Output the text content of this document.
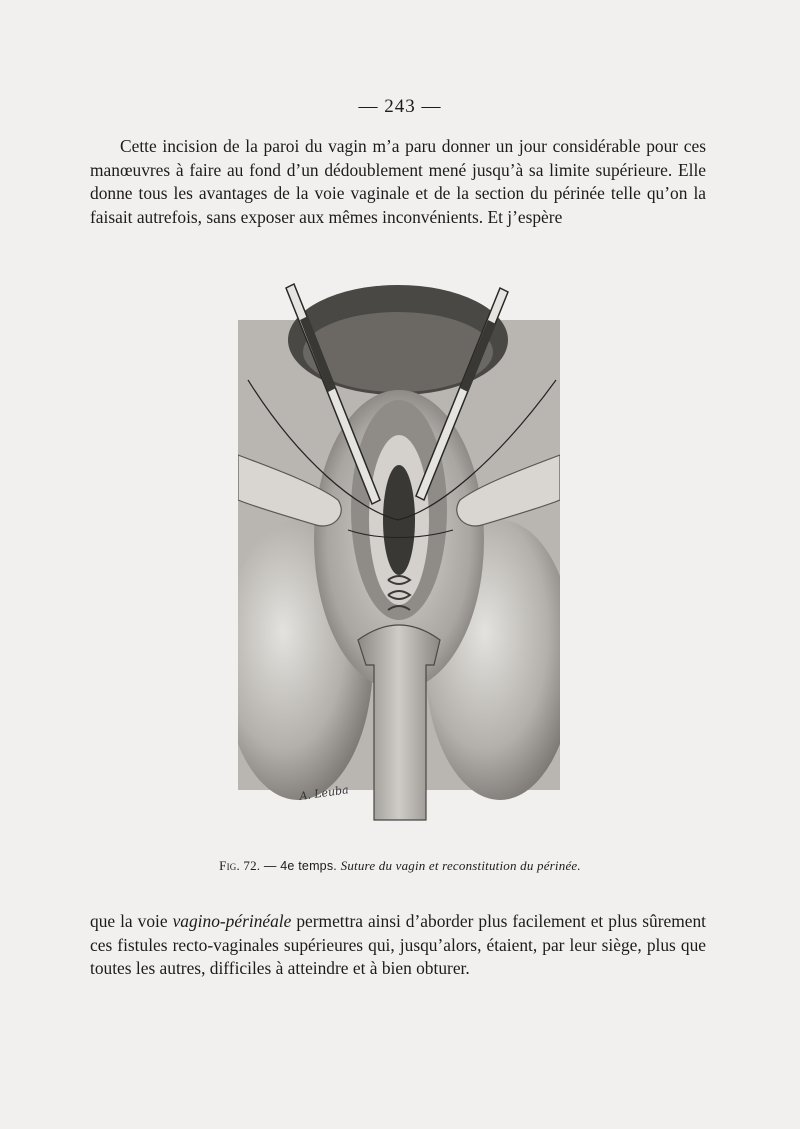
— 243 —

Cette incision de la paroi du vagin m’a paru donner un jour considérable pour ces manœuvres à faire au fond d’un dédoublement mené jusqu’à sa limite supérieure. Elle donne tous les avantages de la voie vaginale et de la section du périnée telle qu’on la faisait autrefois, sans exposer aux mêmes inconvénients. Et j’espère

A. Leuba
Fig. 72. — 4e temps. Suture du vagin et reconstitution du périnée.

que la voie vagino-périnéale permettra ainsi d’aborder plus facilement et plus sûrement ces fistules recto-vaginales supérieures qui, jusqu’alors, étaient, par leur siège, plus que toutes les autres, difficiles à atteindre et à bien obturer.
